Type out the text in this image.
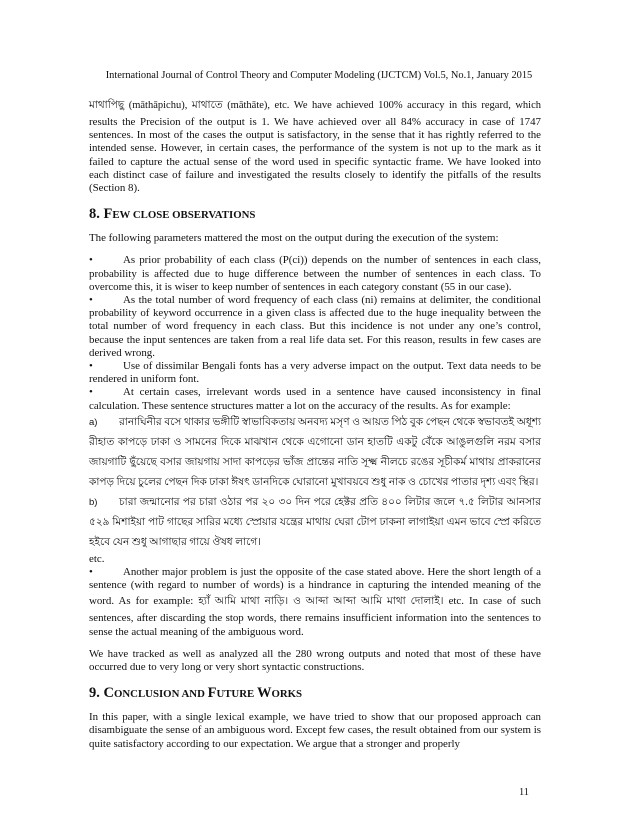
International Journal of Control Theory and Computer Modeling (IJCTCM) Vol.5, No.1, January 2015

মাথাপিছু (māthāpichu), মাথাতে (māthāte), etc. We have achieved 100% accuracy in this regard, which results the Precision of the output is 1. We have achieved over all 84% accuracy in case of 1747 sentences. In most of the cases the output is satisfactory, in the sense that it has rightly referred to the intended sense. However, in certain cases, the performance of the system is not up to the mark as it failed to capture the actual sense of the word used in specific syntactic frame. We have looked into each distinct case of failure and investigated the results closely to identify the pitfalls of the results (Section 8).

8. FEW CLOSE OBSERVATIONS

The following parameters mattered the most on the output during the execution of the system:

• As prior probability of each class (P(ci)) depends on the number of sentences in each class, probability is affected due to huge difference between the number of sentences in each class. To overcome this, it is wiser to keep number of sentences in each category constant (55 in our case).

• As the total number of word frequency of each class (ni) remains at delimiter, the conditional probability of keyword occurrence in a given class is affected due to the huge inequality between the total number of word frequency in each class. But this incidence is not under any one’s control, because the input sentences are taken from a real life data set. For this reason, results in few cases are derived wrong.

• Use of dissimilar Bengali fonts has a very adverse impact on the output. Text data needs to be rendered in uniform font.

• At certain cases, irrelevant words used in a sentence have caused inconsistency in final calculation. These sentence structures matter a lot on the accuracy of the results. As for example:

a) রানাঘিনীর বসে থাকার ভঙ্গীটি স্বাভাবিকতায় অনবদ্য মসৃণ ও আয়ত পিঠ বুক পেছন থেকে স্বভাবতই অধূশ্য রীহাত কাপড়ে ঢাকা ও সামনের দিকে মাঝখান থেকে এগোনো ডান হাতটি একটু বেঁকে আঙুলগুলি নরম বসার জায়গাটি ছুঁয়েছে বসার জায়গায় সাদা কাপড়ের ভাঁজ প্রান্তের নাতি সূক্ষ্ম নীলচে রঙের সূচীকর্ম মাথায় প্রাকরানের কাপড় দিয়ে চুলের পেছন দিক ঢাকা ঈষৎ ডানদিকে ঘোরানো মুখাবয়বে শুধু নাক ও চোখের পাতার দৃশ্য এবং স্থির।

b) চারা জন্মানোর পর চারা ওঠার পর ২০ ৩০ দিন পরে হেক্টর প্রতি ৪০০ লিটার জলে ৭.৫ লিটার আনসার ৫২৯ মিশাইয়া পাট গাছের সারির মধ্যে স্প্রেয়ার যন্ত্রের মাথায় ঘেরা টোপ ঢাকনা লাগাইয়া এমন ভাবে স্প্রে করিতে হইবে যেন শুধু আগাছার গায়ে ঔষধ লাগে।

etc.

• Another major problem is just the opposite of the case stated above. Here the short length of a sentence (with regard to number of words) is a hindrance in capturing the intended meaning of the word. As for example: হ্যাঁ আমি মাথা নাড়ি। ও আব্দা আব্দা আমি মাথা দোলাই। etc. In case of such sentences, after discarding the stop words, there remains insufficient information into the sentences to sense the actual meaning of the ambiguous word.

We have tracked as well as analyzed all the 280 wrong outputs and noted that most of these have occurred due to very long or very short syntactic constructions.

9. CONCLUSION AND FUTURE WORKS

In this paper, with a single lexical example, we have tried to show that our proposed approach can disambiguate the sense of an ambiguous word. Except few cases, the result obtained from our system is quite satisfactory according to our expectation. We argue that a stronger and properly

11
